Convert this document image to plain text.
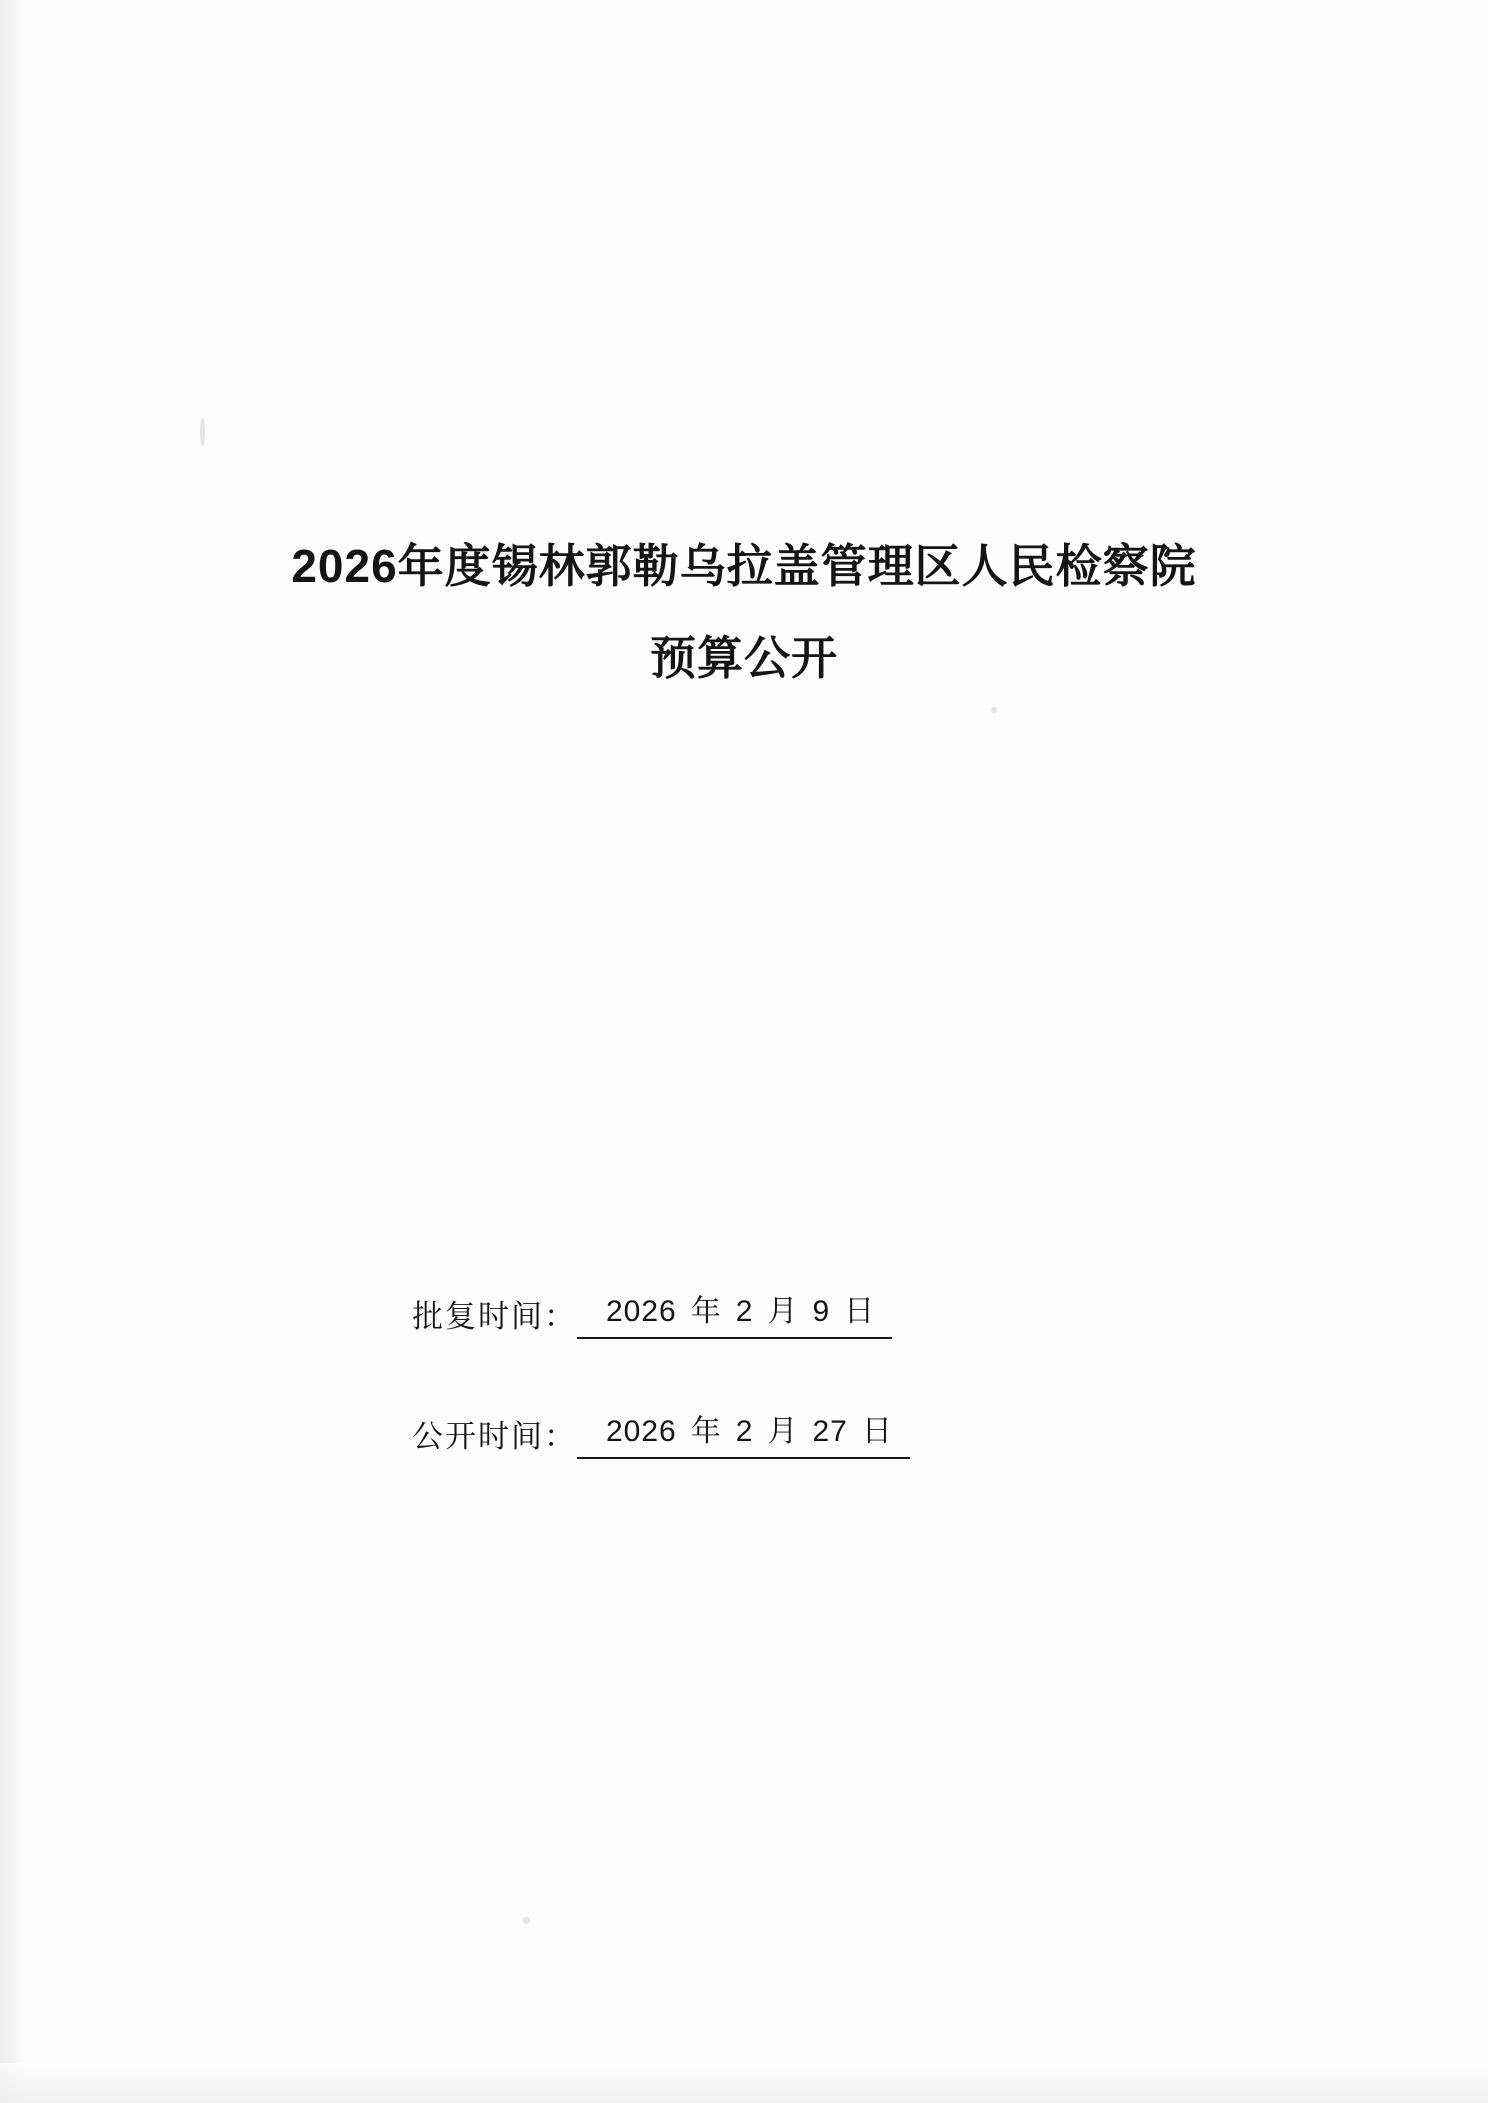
2026年度锡林郭勒乌拉盖管理区人民检察院
预算公开
批复时间： 2026 年 2 月 9 日
公开时间： 2026 年 2 月 27 日
